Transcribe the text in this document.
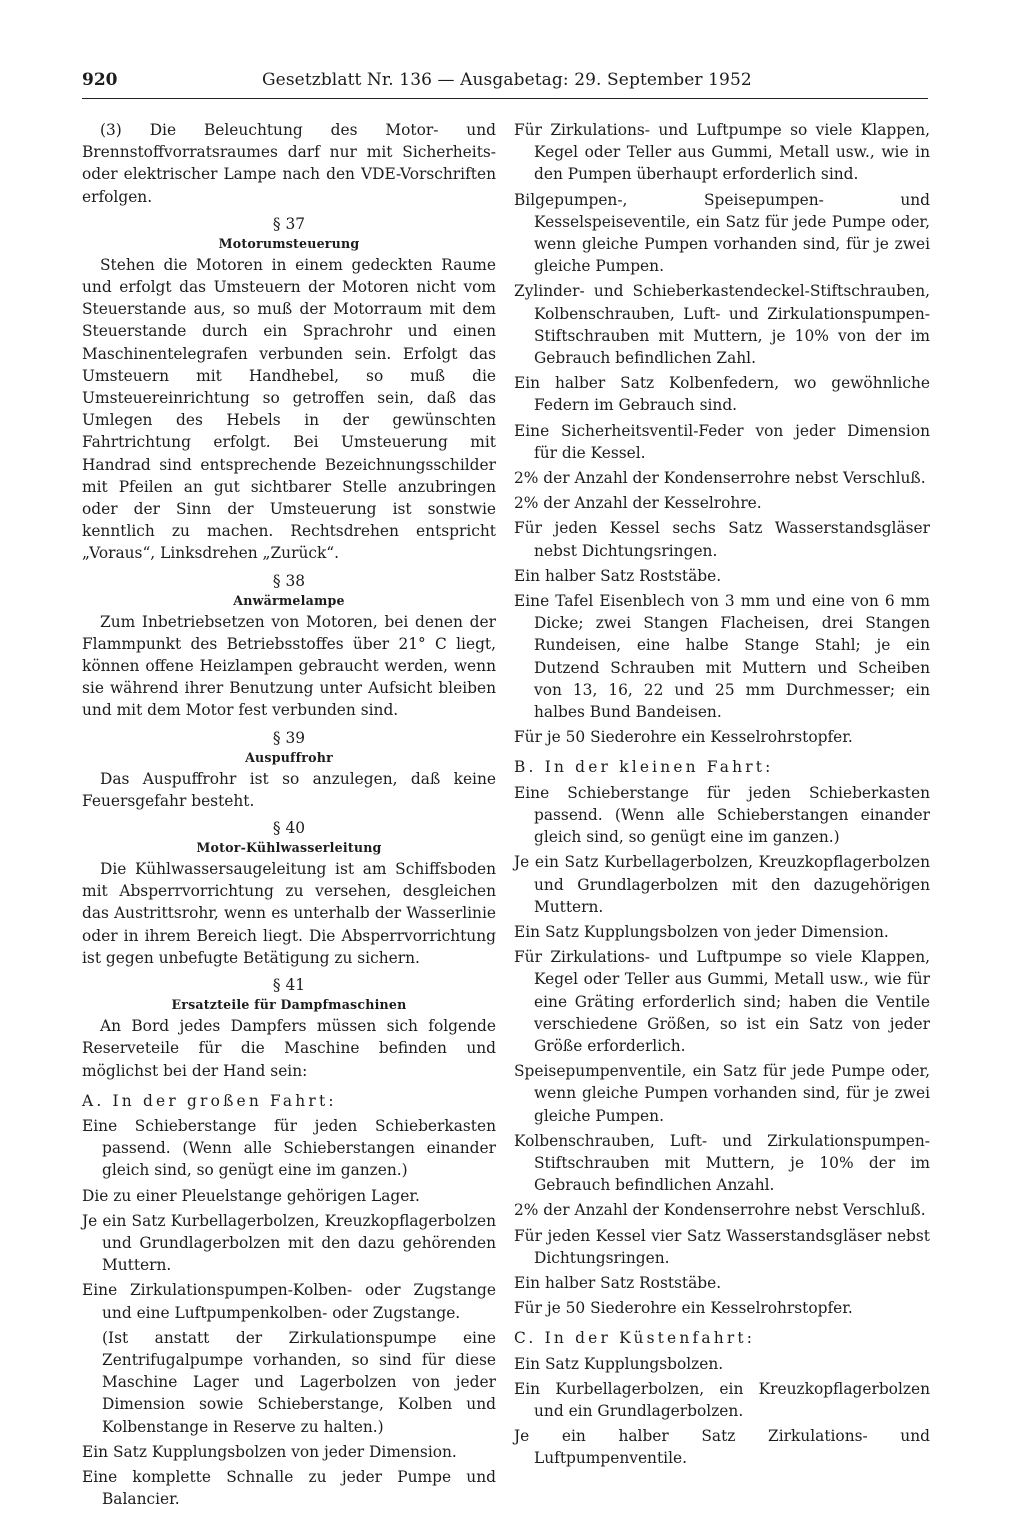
920	Gesetzblatt Nr. 136 — Ausgabetag: 29. September 1952

(3) Die Beleuchtung des Motor- und Brennstoffvorratsraumes darf nur mit Sicherheits- oder elektrischer Lampe nach den VDE-Vorschriften erfolgen.

§ 37
Motorumsteuerung

Stehen die Motoren in einem gedeckten Raume und erfolgt das Umsteuern der Motoren nicht vom Steuerstande aus, so muß der Motorraum mit dem Steuerstande durch ein Sprachrohr und einen Maschinentelegrafen verbunden sein. Erfolgt das Umsteuern mit Handhebel, so muß die Umsteuereinrichtung so getroffen sein, daß das Umlegen des Hebels in der gewünschten Fahrtrichtung erfolgt. Bei Umsteuerung mit Handrad sind entsprechende Bezeichnungsschilder mit Pfeilen an gut sichtbarer Stelle anzubringen oder der Sinn der Umsteuerung ist sonstwie kenntlich zu machen. Rechtsdrehen entspricht „Voraus“, Linksdrehen „Zurück“.

§ 38
Anwärmelampe

Zum Inbetriebsetzen von Motoren, bei denen der Flammpunkt des Betriebsstoffes über 21° C liegt, können offene Heizlampen gebraucht werden, wenn sie während ihrer Benutzung unter Aufsicht bleiben und mit dem Motor fest verbunden sind.

§ 39
Auspuffrohr

Das Auspuffrohr ist so anzulegen, daß keine Feuersgefahr besteht.

§ 40
Motor-Kühlwasserleitung

Die Kühlwassersaugeleitung ist am Schiffsboden mit Absperrvorrichtung zu versehen, desgleichen das Austrittsrohr, wenn es unterhalb der Wasserlinie oder in ihrem Bereich liegt. Die Absperrvorrichtung ist gegen unbefugte Betätigung zu sichern.

§ 41
Ersatzteile für Dampfmaschinen

An Bord jedes Dampfers müssen sich folgende Reserveteile für die Maschine befinden und möglichst bei der Hand sein:

A. In der großen Fahrt:

Eine Schieberstange für jeden Schieberkasten passend. (Wenn alle Schieberstangen einander gleich sind, so genügt eine im ganzen.)

Die zu einer Pleuelstange gehörigen Lager.

Je ein Satz Kurbellagerbolzen, Kreuzkopflagerbolzen und Grundlagerbolzen mit den dazu gehörenden Muttern.

Eine Zirkulationspumpen-Kolben- oder Zugstange und eine Luftpumpenkolben- oder Zugstange.

(Ist anstatt der Zirkulationspumpe eine Zentrifugalpumpe vorhanden, so sind für diese Maschine Lager und Lagerbolzen von jeder Dimension sowie Schieberstange, Kolben und Kolbenstange in Reserve zu halten.)

Ein Satz Kupplungsbolzen von jeder Dimension.

Eine komplette Schnalle zu jeder Pumpe und Balancier.

Für Zirkulations- und Luftpumpe so viele Klappen, Kegel oder Teller aus Gummi, Metall usw., wie in den Pumpen überhaupt erforderlich sind.

Bilgepumpen-, Speisepumpen- und Kesselspeiseventile, ein Satz für jede Pumpe oder, wenn gleiche Pumpen vorhanden sind, für je zwei gleiche Pumpen.

Zylinder- und Schieberkastendeckel-Stiftschrauben, Kolbenschrauben, Luft- und Zirkulationspumpen-Stiftschrauben mit Muttern, je 10% von der im Gebrauch befindlichen Zahl.

Ein halber Satz Kolbenfedern, wo gewöhnliche Federn im Gebrauch sind.

Eine Sicherheitsventil-Feder von jeder Dimension für die Kessel.

2% der Anzahl der Kondenserrohre nebst Verschluß.

2% der Anzahl der Kesselrohre.

Für jeden Kessel sechs Satz Wasserstandsgläser nebst Dichtungsringen.

Ein halber Satz Roststäbe.

Eine Tafel Eisenblech von 3 mm und eine von 6 mm Dicke; zwei Stangen Flacheisen, drei Stangen Rundeisen, eine halbe Stange Stahl; je ein Dutzend Schrauben mit Muttern und Scheiben von 13, 16, 22 und 25 mm Durchmesser; ein halbes Bund Bandeisen.

Für je 50 Siederohre ein Kesselrohrstopfer.

B. In der kleinen Fahrt:

Eine Schieberstange für jeden Schieberkasten passend. (Wenn alle Schieberstangen einander gleich sind, so genügt eine im ganzen.)

Je ein Satz Kurbellagerbolzen, Kreuzkopflagerbolzen und Grundlagerbolzen mit den dazugehörigen Muttern.

Ein Satz Kupplungsbolzen von jeder Dimension.

Für Zirkulations- und Luftpumpe so viele Klappen, Kegel oder Teller aus Gummi, Metall usw., wie für eine Gräting erforderlich sind; haben die Ventile verschiedene Größen, so ist ein Satz von jeder Größe erforderlich.

Speisepumpenventile, ein Satz für jede Pumpe oder, wenn gleiche Pumpen vorhanden sind, für je zwei gleiche Pumpen.

Kolbenschrauben, Luft- und Zirkulationspumpen-Stiftschrauben mit Muttern, je 10% der im Gebrauch befindlichen Anzahl.

2% der Anzahl der Kondenserrohre nebst Verschluß.

Für jeden Kessel vier Satz Wasserstandsgläser nebst Dichtungsringen.

Ein halber Satz Roststäbe.

Für je 50 Siederohre ein Kesselrohrstopfer.

C. In der Küstenfahrt:

Ein Satz Kupplungsbolzen.

Ein Kurbellagerbolzen, ein Kreuzkopflagerbolzen und ein Grundlagerbolzen.

Je ein halber Satz Zirkulations- und Luftpumpenventile.
